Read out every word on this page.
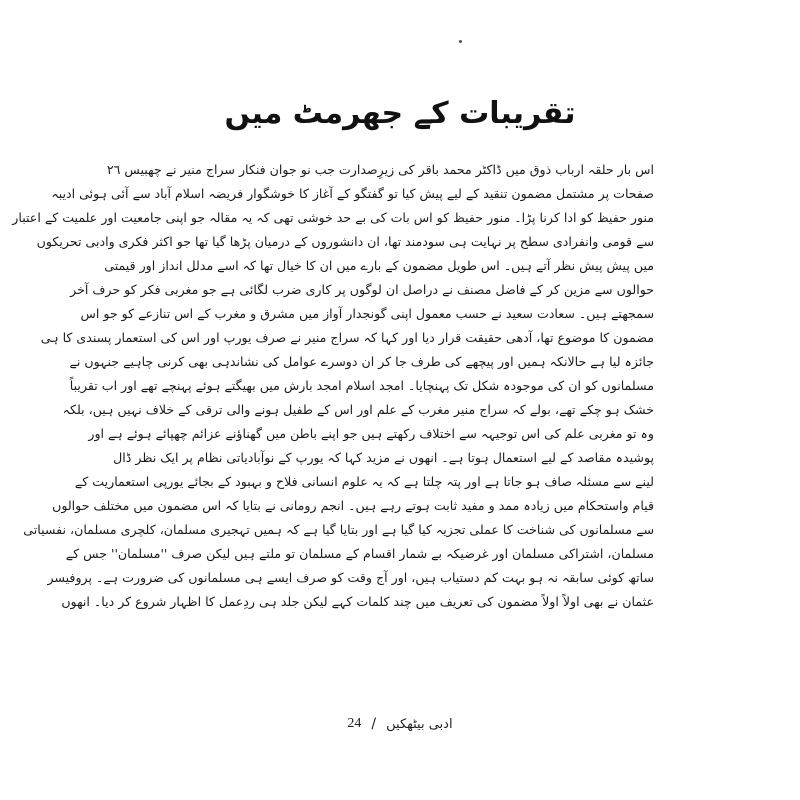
تقریبات کے جھرمٹ میں
اس بار حلقہ ارباب ذوق میں ڈاکٹر محمد باقر کی زیرِصدارت جب نو جوان فنکار سراج منیر نے چھبیس ٢٦
صفحات پر مشتمل مضمون تنقید کے لیے پیش کیا تو گفتگو کے آغاز کا خوشگوار فریضہ اسلام آباد سے آئی ہوئی ادیبہ
منور حفیظ کو ادا کرنا پڑا۔ منور حفیظ کو اس بات کی بے حد خوشی تھی کہ یہ مقالہ جو اپنی جامعیت اور علمیت کے اعتبار
سے قومی وانفرادی سطح پر نہایت ہی سودمند تھا، ان دانشوروں کے درمیان پڑھا گیا تھا جو اکثر فکری وادبی تحریکوں
میں پیش پیش نظر آتے ہیں۔ اس طویل مضمون کے بارے میں ان کا خیال تھا کہ اسے مدلل انداز اور قیمتی
حوالوں سے مزین کر کے فاضل مصنف نے دراصل ان لوگوں پر کاری ضرب لگائی ہے جو مغربی فکر کو حرف آخر
سمجھتے ہیں۔ سعادت سعید نے حسب معمول اپنی گونجدار آواز میں مشرق و مغرب کے اس تنازعے کو جو اس
مضمون کا موضوع تھا، آدھی حقیقت قرار دیا اور کہا کہ سراج منیر نے صرف یورپ اور اس کی استعمار پسندی کا ہی
جائزہ لیا ہے حالانکہ ہمیں اور پیچھے کی طرف جا کر ان دوسرے عوامل کی نشاندہی بھی کرنی چاہیے جنہوں نے
مسلمانوں کو ان کی موجودہ شکل تک پہنچایا۔ امجد اسلام امجد بارش میں بھیگتے ہوئے پہنچے تھے اور اب تقریباً
خشک ہو چکے تھے، بولے کہ سراج منیر مغرب کے علم اور اس کے طفیل ہونے والی ترقی کے خلاف نہیں ہیں، بلکہ
وہ تو مغربی علم کی اس توجیہہ سے اختلاف رکھتے ہیں جو اپنے باطن میں گھناؤنے عزائم چھپائے ہوئے ہے اور
پوشیدہ مقاصد کے لیے استعمال ہوتا ہے۔ انھوں نے مزید کہا کہ یورپ کے نوآبادیاتی نظام پر ایک نظر ڈال
لینے سے مسئلہ صاف ہو جاتا ہے اور پتہ چلتا ہے کہ یہ علوم انسانی فلاح و بہبود کے بجائے یورپی استعماریت کے
قیام واستحکام میں زیادہ ممد و مفید ثابت ہوتے رہے ہیں۔ انجم رومانی نے بتایا کہ اس مضمون میں مختلف حوالوں
سے مسلمانوں کی شناخت کا عملی تجزیہ کیا گیا ہے اور بتایا گیا ہے کہ ہمیں تہجیری مسلمان، کلچری مسلمان، نفسیاتی
مسلمان، اشتراکی مسلمان اور غرضیکہ بے شمار اقسام کے مسلمان تو ملتے ہیں لیکن صرف ''مسلمان'' جس کے
ساتھ کوئی سابقہ نہ ہو بہت کم دستیاب ہیں، اور آج وقت کو صرف ایسے ہی مسلمانوں کی ضرورت ہے۔ پروفیسر
عثمان نے بھی اولاً اولاً مضمون کی تعریف میں چند کلمات کہے لیکن جلد ہی ردِعمل کا اظہار شروع کر دیا۔ انھوں
24 / ادبی بیٹھکیں
